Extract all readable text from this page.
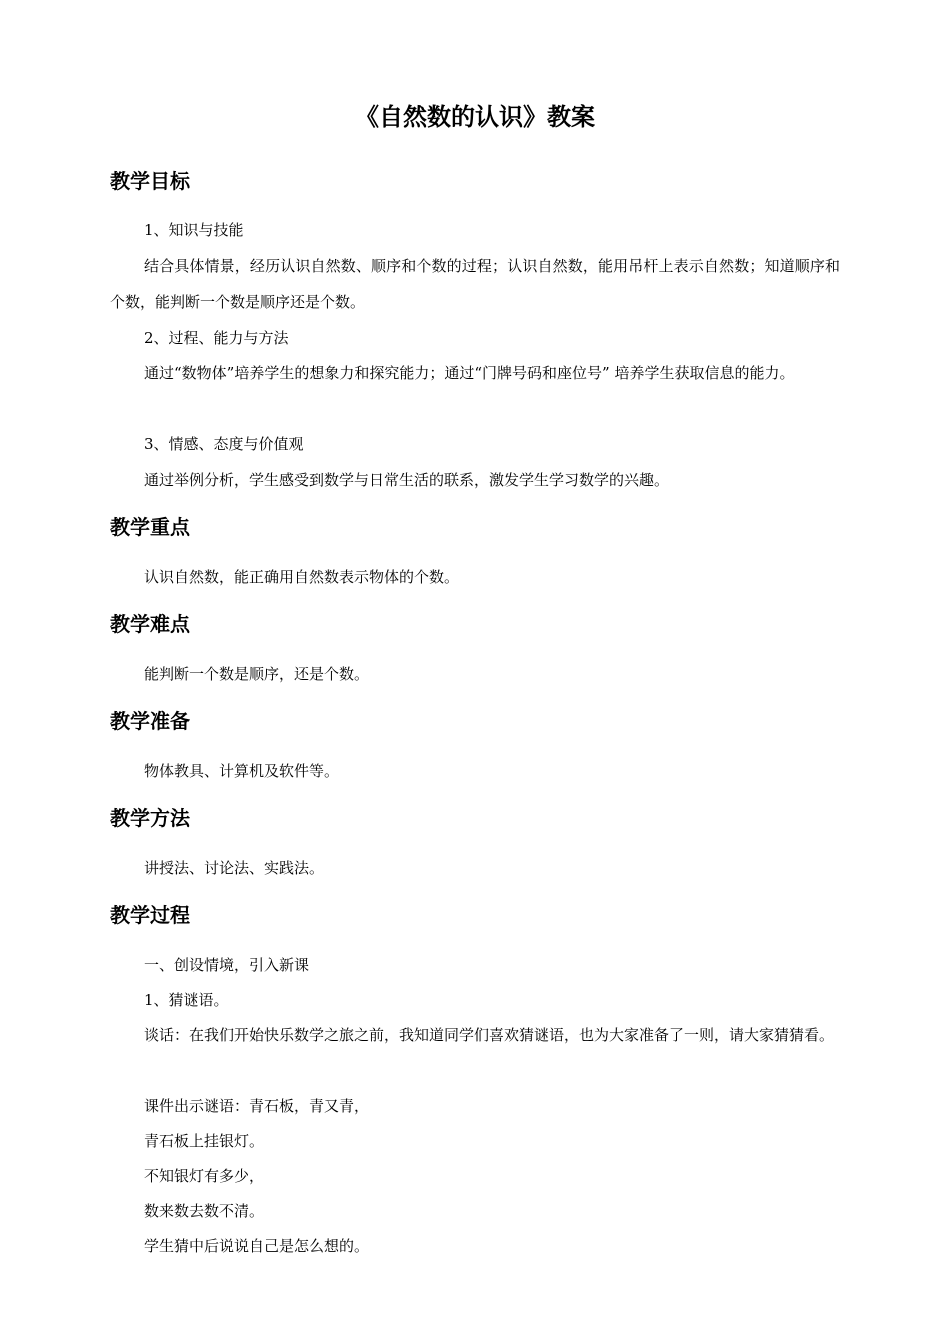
《自然数的认识》教案
教学目标

1、知识与技能

结合具体情景，经历认识自然数、顺序和个数的过程；认识自然数，能用吊杆上表示自然数；知道顺序和个数，能判断一个数是顺序还是个数。

2、过程、能力与方法

通过“数物体”培养学生的想象力和探究能力；通过“门牌号码和座位号” 培养学生获取信息的能力。

3、情感、态度与价值观

通过举例分析，学生感受到数学与日常生活的联系，激发学生学习数学的兴趣。

教学重点

认识自然数，能正确用自然数表示物体的个数。

教学难点

能判断一个数是顺序，还是个数。

教学准备

物体教具、计算机及软件等。

教学方法

讲授法、讨论法、实践法。

教学过程

一、创设情境，引入新课

1、猜谜语。

谈话：在我们开始快乐数学之旅之前，我知道同学们喜欢猜谜语，也为大家准备了一则，请大家猜猜看。

课件出示谜语：青石板，青又青，

青石板上挂银灯。

不知银灯有多少，

数来数去数不清。

学生猜中后说说自己是怎么想的。
